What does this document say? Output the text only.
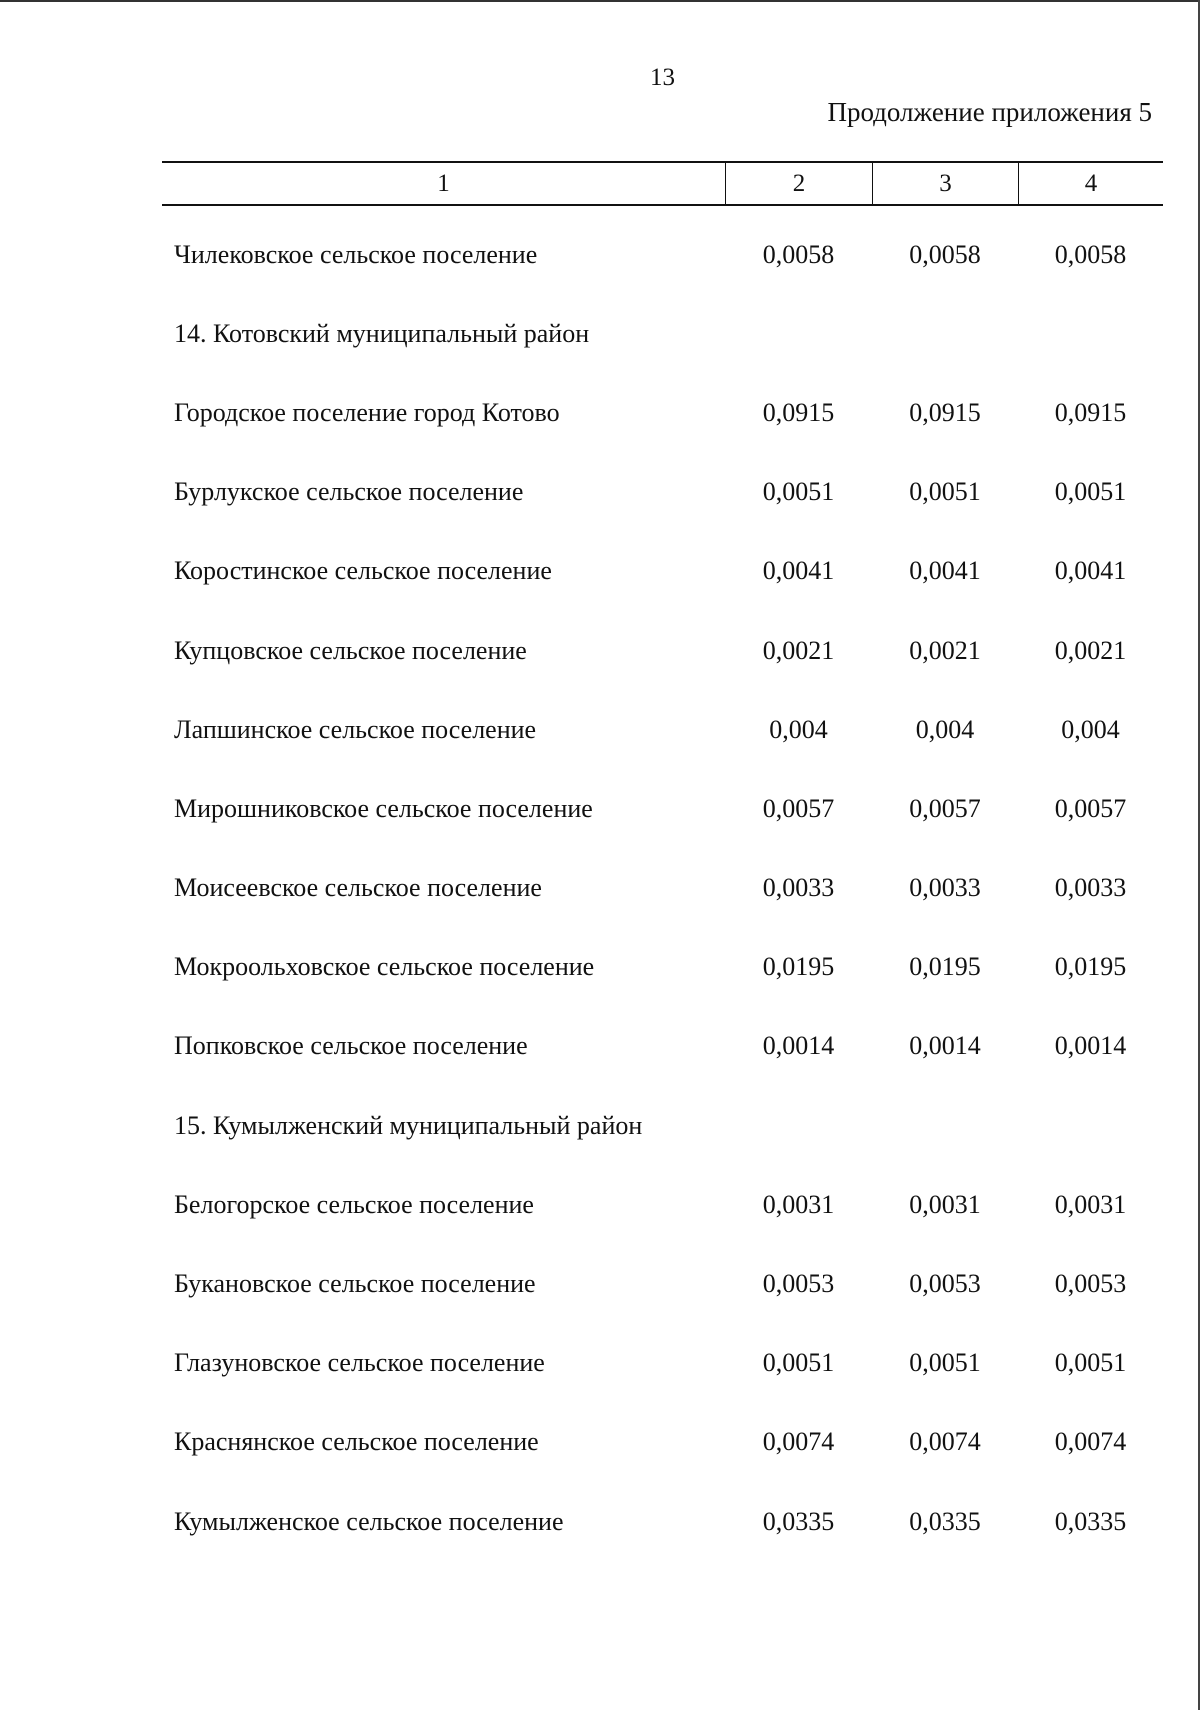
13
Продолжение приложения 5
1	2	3	4
Чилековское сельское поселение	0,0058	0,0058	0,0058
14. Котовский муниципальный район
Городское поселение город Котово	0,0915	0,0915	0,0915
Бурлукское сельское поселение	0,0051	0,0051	0,0051
Коростинское сельское поселение	0,0041	0,0041	0,0041
Купцовское сельское поселение	0,0021	0,0021	0,0021
Лапшинское сельское поселение	0,004	0,004	0,004
Мирошниковское сельское поселение	0,0057	0,0057	0,0057
Моисеевское сельское поселение	0,0033	0,0033	0,0033
Мокроольховское сельское поселение	0,0195	0,0195	0,0195
Попковское сельское поселение	0,0014	0,0014	0,0014
15. Кумылженский муниципальный район
Белогорское сельское поселение	0,0031	0,0031	0,0031
Букановское сельское поселение	0,0053	0,0053	0,0053
Глазуновское сельское поселение	0,0051	0,0051	0,0051
Краснянское сельское поселение	0,0074	0,0074	0,0074
Кумылженское сельское поселение	0,0335	0,0335	0,0335
